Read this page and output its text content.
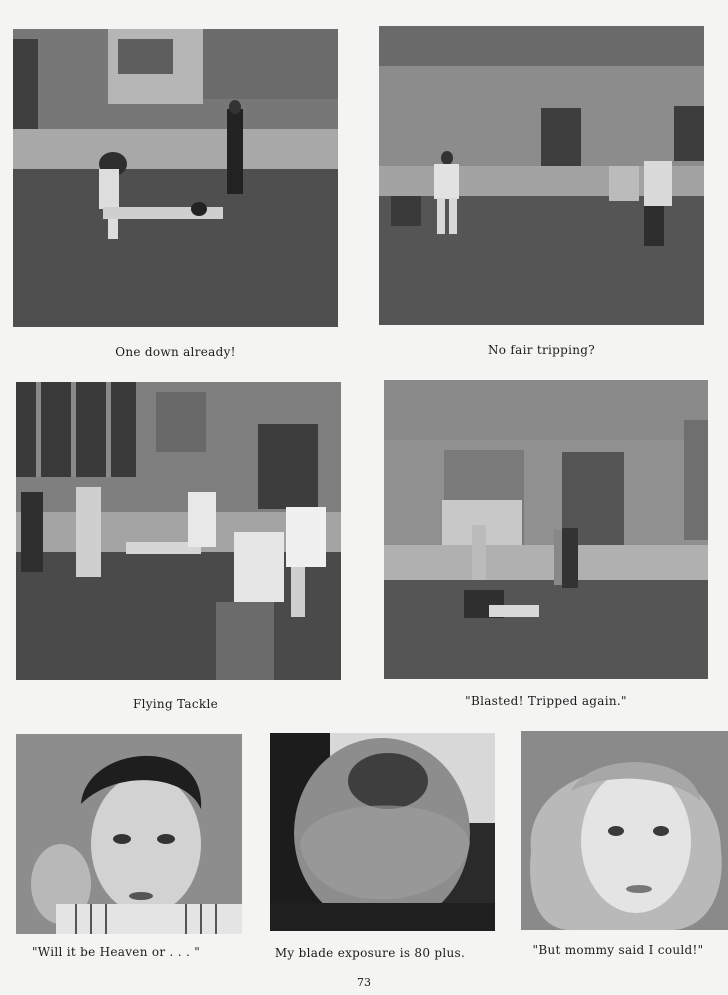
One down already!	No fair tripping?
Flying Tackle	"Blasted! Tripped again."
"Will it be Heaven or . . . "	My blade exposure is 80 plus.	"But mommy said I could!"
73
